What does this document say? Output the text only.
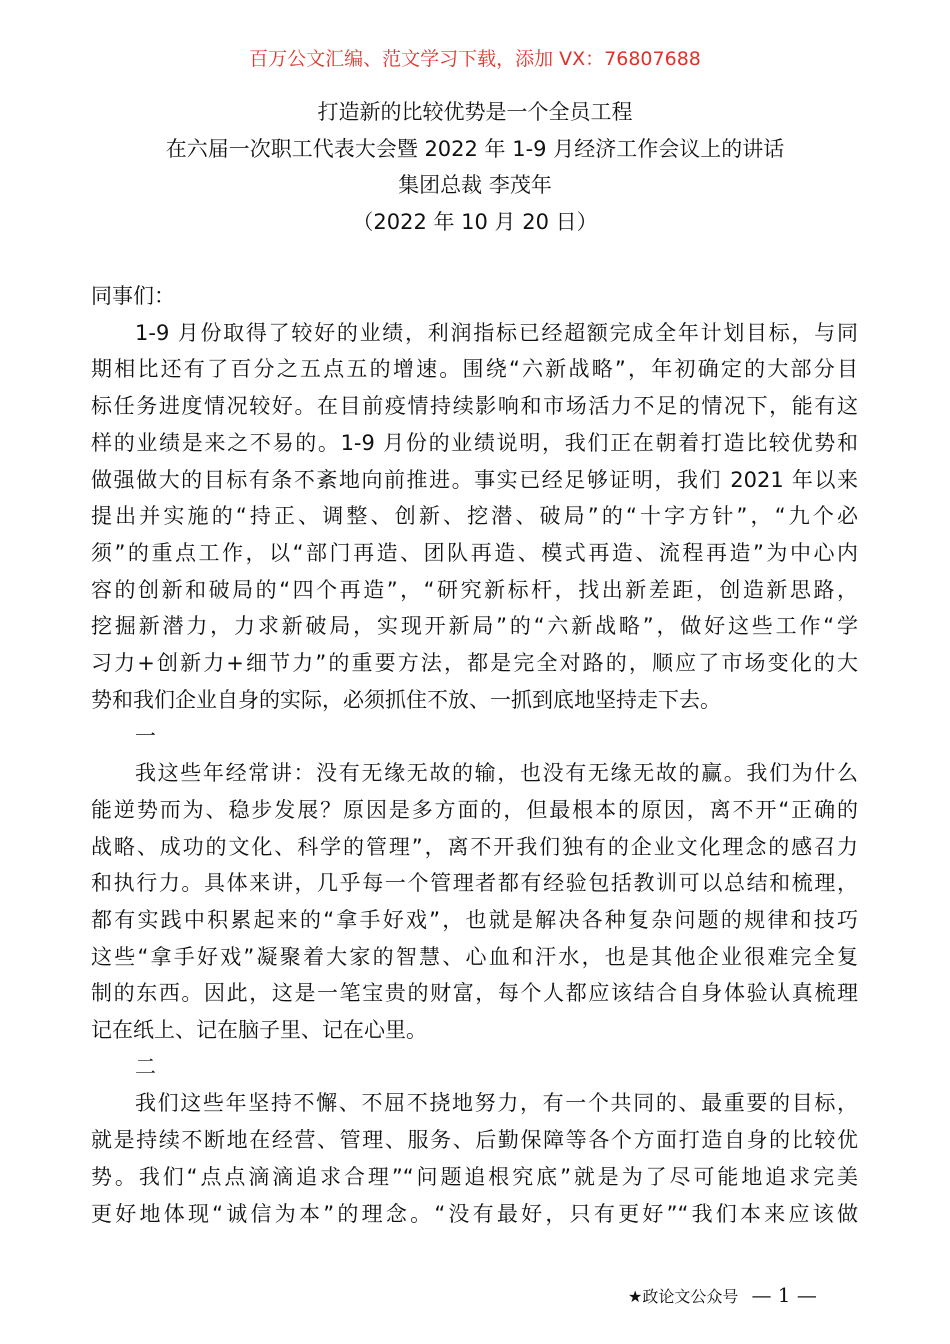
百万公文汇编、范文学习下载，添加 VX：76807688
打造新的比较优势是一个全员工程
在六届一次职工代表大会暨 2022 年 1-9 月经济工作会议上的讲话
集团总裁 李茂年
（2022 年 10 月 20 日）
同事们：
1-9 月份取得了较好的业绩，利润指标已经超额完成全年计划目标，与同
期相比还有了百分之五点五的增速。围绕“六新战略”，年初确定的大部分目
标任务进度情况较好。在目前疫情持续影响和市场活力不足的情况下，能有这
样的业绩是来之不易的。1-9 月份的业绩说明，我们正在朝着打造比较优势和
做强做大的目标有条不紊地向前推进。事实已经足够证明，我们 2021 年以来
提出并实施的“持正、调整、创新、挖潜、破局”的“十字方针”，“九个必
须”的重点工作，以“部门再造、团队再造、模式再造、流程再造”为中心内
容的创新和破局的“四个再造”，“研究新标杆，找出新差距，创造新思路，
挖掘新潜力，力求新破局，实现开新局”的“六新战略”，做好这些工作“学
习力+创新力+细节力”的重要方法，都是完全对路的，顺应了市场变化的大
势和我们企业自身的实际，必须抓住不放、一抓到底地坚持走下去。
一
我这些年经常讲：没有无缘无故的输，也没有无缘无故的赢。我们为什么
能逆势而为、稳步发展？原因是多方面的，但最根本的原因，离不开“正确的
战略、成功的文化、科学的管理”，离不开我们独有的企业文化理念的感召力
和执行力。具体来讲，几乎每一个管理者都有经验包括教训可以总结和梳理，
都有实践中积累起来的“拿手好戏”，也就是解决各种复杂问题的规律和技巧
这些“拿手好戏”凝聚着大家的智慧、心血和汗水，也是其他企业很难完全复
制的东西。因此，这是一笔宝贵的财富，每个人都应该结合自身体验认真梳理
记在纸上、记在脑子里、记在心里。
二
我们这些年坚持不懈、不屈不挠地努力，有一个共同的、最重要的目标，
就是持续不断地在经营、管理、服务、后勤保障等各个方面打造自身的比较优
势。我们“点点滴滴追求合理”“问题追根究底”就是为了尽可能地追求完美
更好地体现“诚信为本”的理念。“没有最好，只有更好”“我们本来应该做
★政论文公众号 — 1 —
